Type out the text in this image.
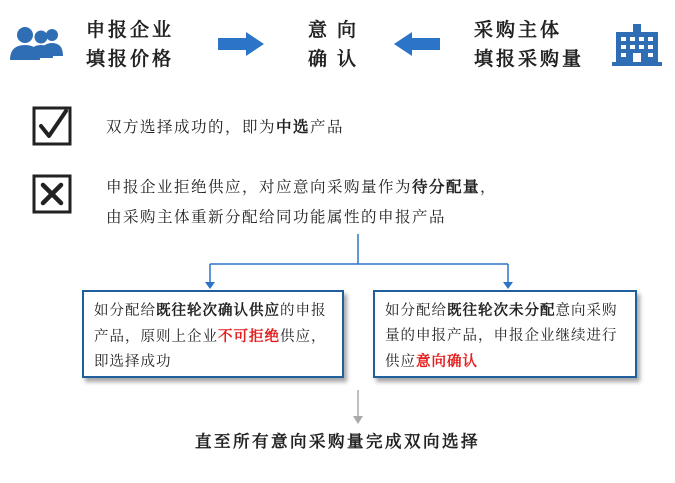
申报企业
填报价格
意向
确认
采购主体
填报采购量
双方选择成功的，即为中选产品
申报企业拒绝供应，对应意向采购量作为待分配量，
由采购主体重新分配给同功能属性的申报产品
如分配给既往轮次确认供应的申报产品，原则上企业不可拒绝供应，即选择成功
如分配给既往轮次未分配意向采购量的申报产品，申报企业继续进行供应意向确认
直至所有意向采购量完成双向选择
